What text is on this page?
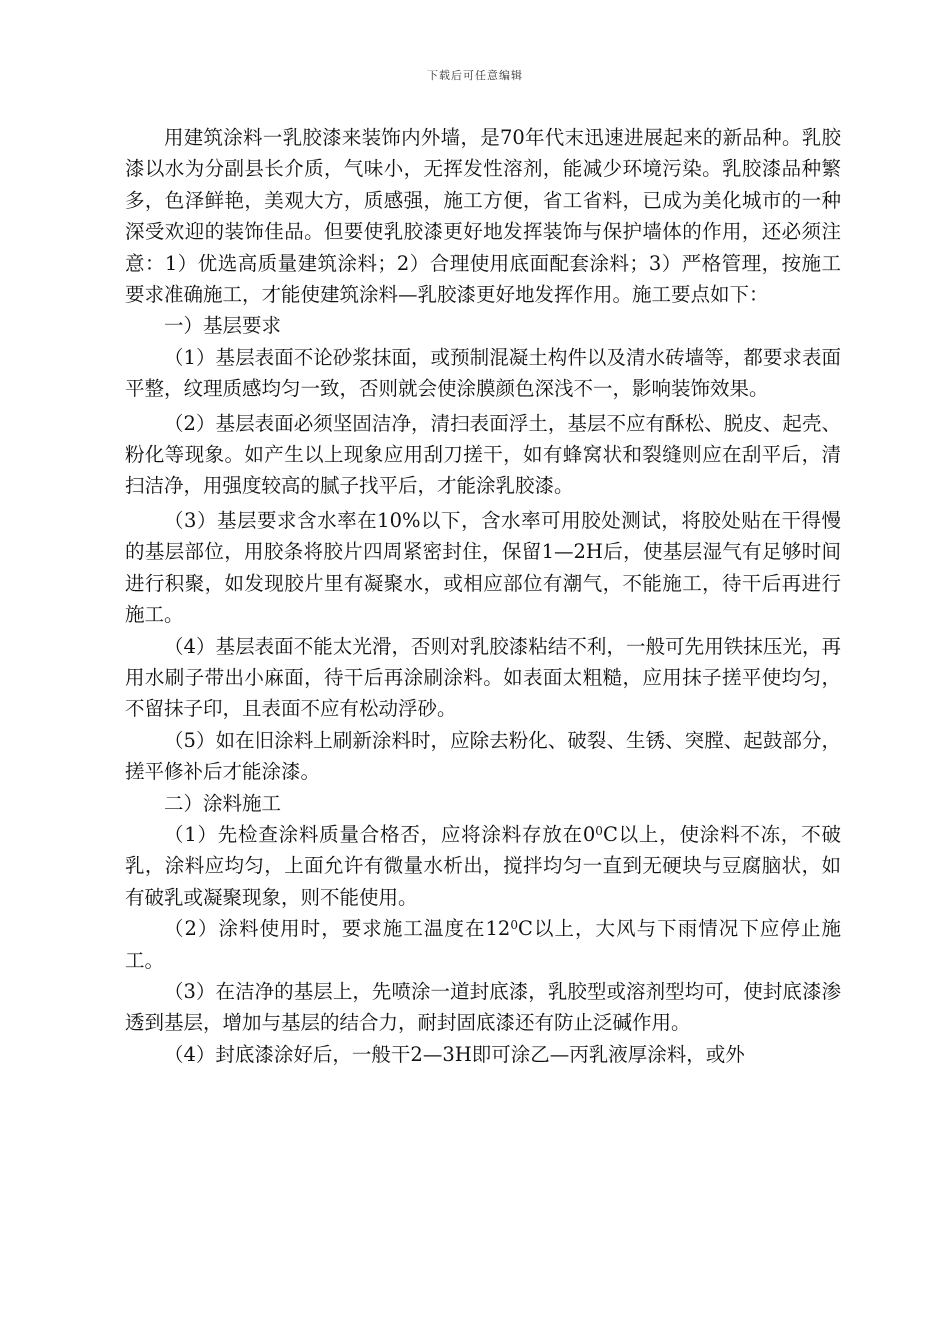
下载后可任意编辑

用建筑涂料一乳胶漆来装饰内外墙，是70年代末迅速进展起来的新品种。乳胶漆以水为分副县长介质，气味小，无挥发性溶剂，能减少环境污染。乳胶漆品种繁多，色泽鲜艳，美观大方，质感强，施工方便，省工省料，已成为美化城市的一种深受欢迎的装饰佳品。但要使乳胶漆更好地发挥装饰与保护墙体的作用，还必须注意：1）优选高质量建筑涂料；2）合理使用底面配套涂料；3）严格管理，按施工要求准确施工，才能使建筑涂料—乳胶漆更好地发挥作用。施工要点如下：

一）基层要求

（1）基层表面不论砂浆抹面，或预制混凝土构件以及清水砖墙等，都要求表面平整，纹理质感均匀一致，否则就会使涂膜颜色深浅不一，影响装饰效果。

（2）基层表面必须坚固洁净，清扫表面浮土，基层不应有酥松、脱皮、起壳、粉化等现象。如产生以上现象应用刮刀搓干，如有蜂窝状和裂缝则应在刮平后，清扫洁净，用强度较高的腻子找平后，才能涂乳胶漆。

（3）基层要求含水率在10%以下，含水率可用胶处测试，将胶处贴在干得慢的基层部位，用胶条将胶片四周紧密封住，保留1—2H后，使基层湿气有足够时间进行积聚，如发现胶片里有凝聚水，或相应部位有潮气，不能施工，待干后再进行施工。

（4）基层表面不能太光滑，否则对乳胶漆粘结不利，一般可先用铁抹压光，再用水刷子带出小麻面，待干后再涂刷涂料。如表面太粗糙，应用抹子搓平使均匀，不留抹子印，且表面不应有松动浮砂。

（5）如在旧涂料上刷新涂料时，应除去粉化、破裂、生锈、突膛、起鼓部分，搓平修补后才能涂漆。

二）涂料施工

（1）先检查涂料质量合格否，应将涂料存放在$0^0C$以上，使涂料不冻，不破乳，涂料应均匀，上面允许有微量水析出，搅拌均匀一直到无硬块与豆腐脑状，如有破乳或凝聚现象，则不能使用。

（2）涂料使用时，要求施工温度在$12^0C$以上，大风与下雨情况下应停止施工。

（3）在洁净的基层上，先喷涂一道封底漆，乳胶型或溶剂型均可，使封底漆渗透到基层，增加与基层的结合力，耐封固底漆还有防止泛碱作用。

（4）封底漆涂好后，一般干2—3H即可涂乙—丙乳液厚涂料，或外
